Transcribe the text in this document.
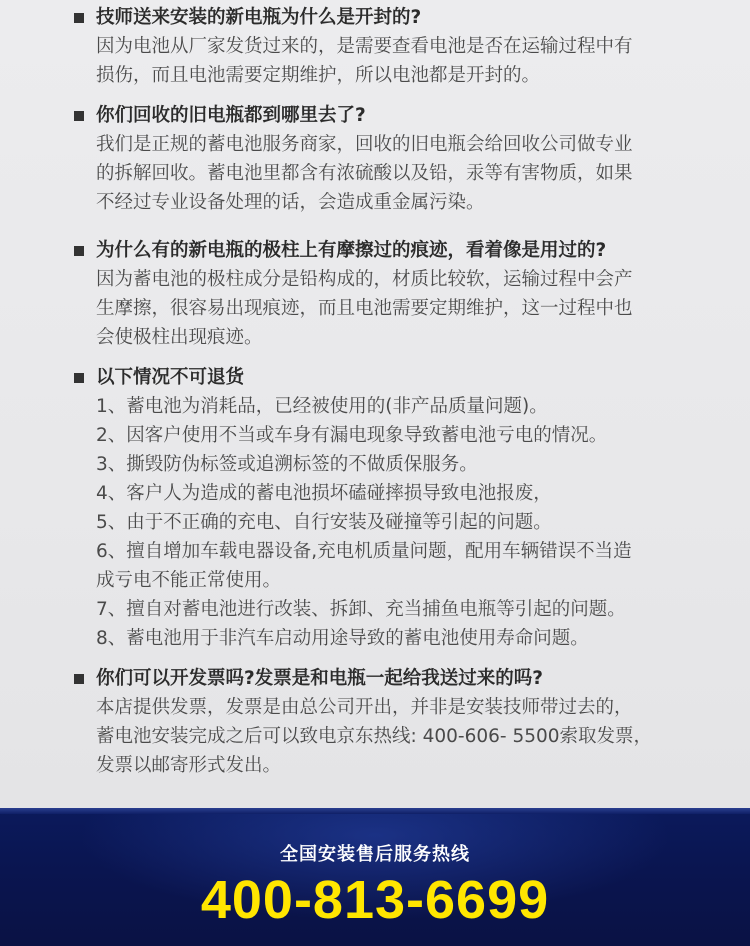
技师送来安装的新电瓶为什么是开封的?

因为电池从厂家发货过来的，是需要查看电池是否在运输过程中有

损伤，而且电池需要定期维护，所以电池都是开封的。

你们回收的旧电瓶都到哪里去了?

我们是正规的蓄电池服务商家，回收的旧电瓶会给回收公司做专业

的拆解回收。蓄电池里都含有浓硫酸以及铅，汞等有害物质，如果

不经过专业设备处理的话，会造成重金属污染。

为什么有的新电瓶的极柱上有摩擦过的痕迹，看着像是用过的?

因为蓄电池的极柱成分是铅构成的，材质比较软，运输过程中会产

生摩擦，很容易出现痕迹，而且电池需要定期维护，这一过程中也

会使极柱出现痕迹。

以下情况不可退货

1、蓄电池为消耗品，已经被使用的(非产品质量问题)。

2、因客户使用不当或车身有漏电现象导致蓄电池亏电的情况。

3、撕毁防伪标签或追溯标签的不做质保服务。

4、客户人为造成的蓄电池损坏磕碰摔损导致电池报废，

5、由于不正确的充电、自行安装及碰撞等引起的问题。

6、擅自增加车载电器设备,充电机质量问题，配用车辆错误不当造

成亏电不能正常使用。

7、擅自对蓄电池进行改装、拆卸、充当捕鱼电瓶等引起的问题。

8、蓄电池用于非汽车启动用途导致的蓄电池使用寿命问题。

你们可以开发票吗?发票是和电瓶一起给我送过来的吗?

本店提供发票，发票是由总公司开出，并非是安装技师带过去的，

蓄电池安装完成之后可以致电京东热线: 400-606- 5500索取发票，

发票以邮寄形式发出。

全国安装售后服务热线
400-813-6699
